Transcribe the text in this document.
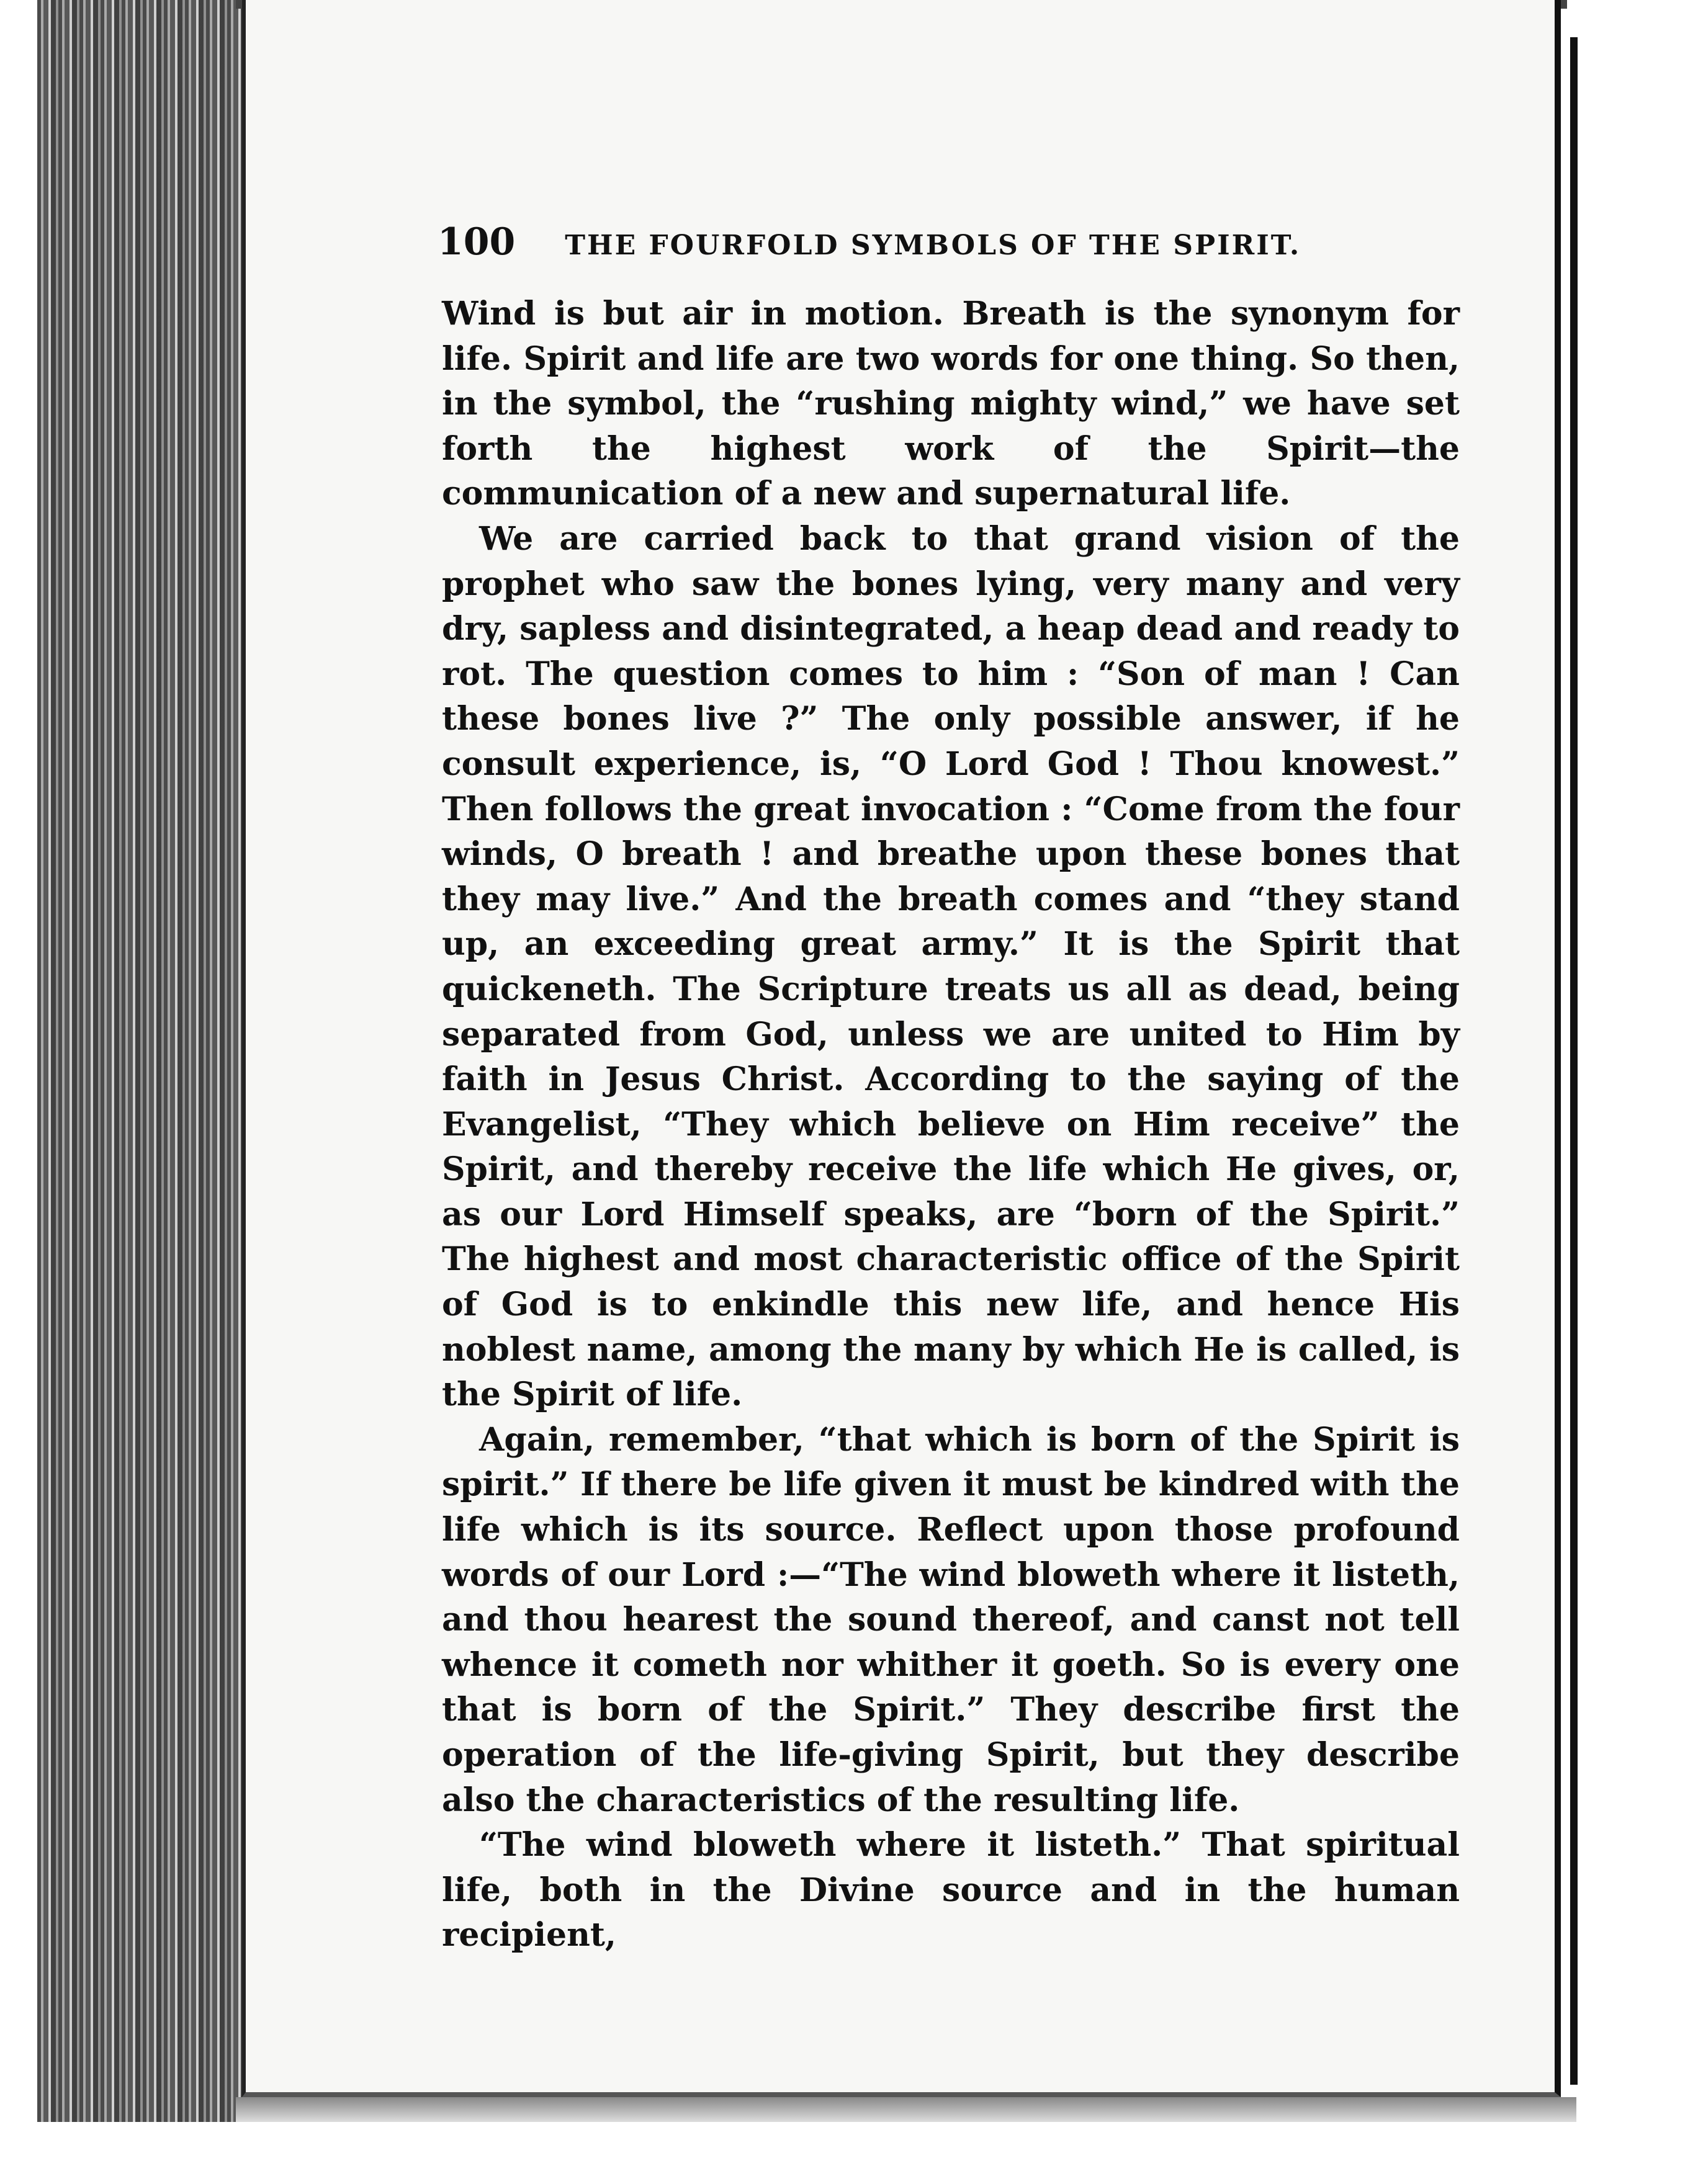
100 THE FOURFOLD SYMBOLS OF THE SPIRIT.

Wind is but air in motion. Breath is the synonym for life. Spirit and life are two words for one thing. So then, in the symbol, the “rushing mighty wind,” we have set forth the highest work of the Spirit—the communication of a new and supernatural life.

We are carried back to that grand vision of the prophet who saw the bones lying, very many and very dry, sapless and disintegrated, a heap dead and ready to rot. The question comes to him : “Son of man ! Can these bones live ?” The only possible answer, if he consult experience, is, “O Lord God ! Thou knowest.” Then follows the great invocation : “Come from the four winds, O breath ! and breathe upon these bones that they may live.” And the breath comes and “they stand up, an exceeding great army.” It is the Spirit that quickeneth. The Scripture treats us all as dead, being separated from God, unless we are united to Him by faith in Jesus Christ. According to the saying of the Evangelist, “They which believe on Him receive” the Spirit, and thereby receive the life which He gives, or, as our Lord Himself speaks, are “born of the Spirit.” The highest and most characteristic office of the Spirit of God is to enkindle this new life, and hence His noblest name, among the many by which He is called, is the Spirit of life.

Again, remember, “that which is born of the Spirit is spirit.” If there be life given it must be kindred with the life which is its source. Reflect upon those profound words of our Lord :—“The wind bloweth where it listeth, and thou hearest the sound thereof, and canst not tell whence it cometh nor whither it goeth. So is every one that is born of the Spirit.” They describe first the operation of the life-giving Spirit, but they describe also the characteristics of the resulting life.

“The wind bloweth where it listeth.” That spiritual life, both in the Divine source and in the human recipient,
